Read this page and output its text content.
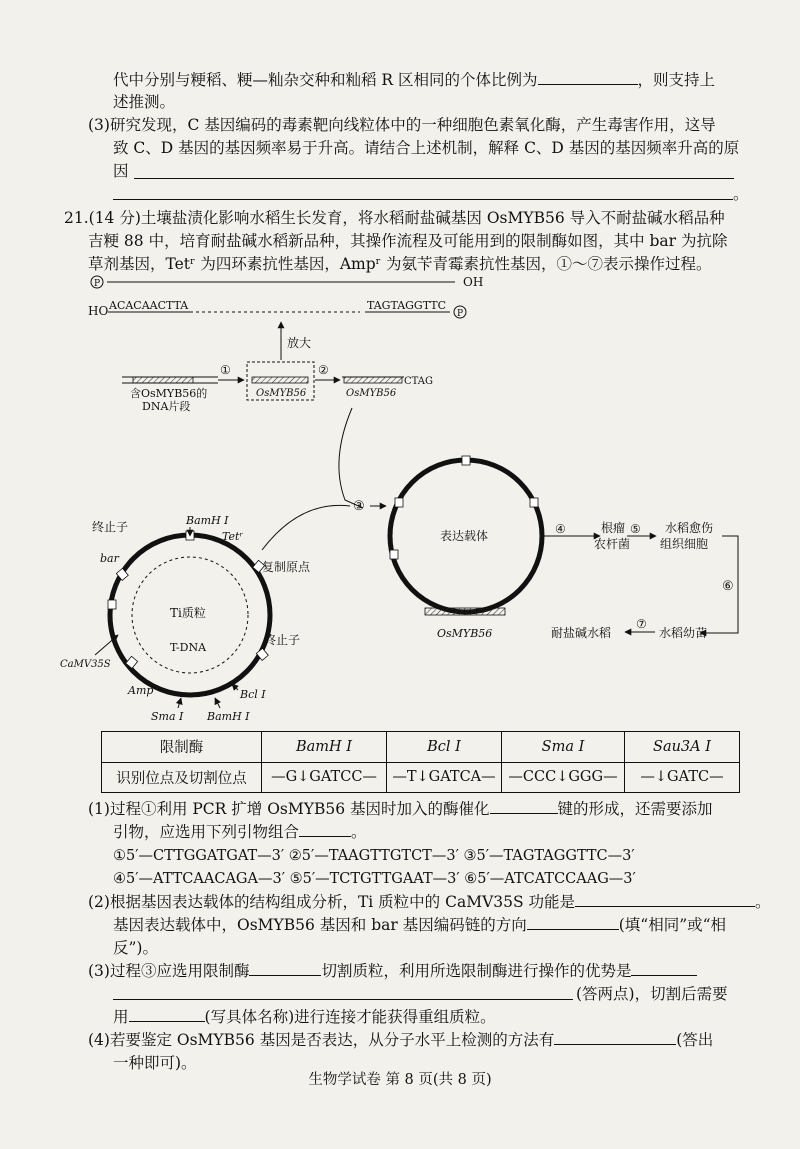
代中分别与粳稻、粳—籼杂交种和籼稻 R 区相同的个体比例为	，则支持上
述推测。
(3)研究发现，C 基因编码的毒素靶向线粒体中的一种细胞色素氧化酶，产生毒害作用，这导
致 C、D 基因的基因频率易于升高。请结合上述机制，解释 C、D 基因的基因频率升高的原
因
。
21.(14 分)土壤盐渍化影响水稻生长发育，将水稻耐盐碱基因 OsMYB56 导入不耐盐碱水稻品种
吉粳 88 中，培育耐盐碱水稻新品种，其操作流程及可能用到的限制酶如图，其中 bar 为抗除
草剂基因，Tetʳ 为四环素抗性基因，Ampʳ 为氨苄青霉素抗性基因，①～⑦表示操作过程。
HO ACACAACTTA
OH
P
TAGTAGGTTC
P
放大
含OsMYB56的
DNA片段
①
OsMYB56
②
CTAG
OsMYB56
③
BamH I
Tetʳ
终止子
bar
Ti质粒
T-DNA
复制原点
终止子
CaMV35S
Amp
Sma I BamH I
Bcl I
表达载体
OsMYB56
④	根瘤
农杆菌
⑤ 水稻愈伤
组织细胞
⑥
水稻幼苗
⑦
耐盐碱水稻
限制酶	BamH Ⅰ	Bcl Ⅰ	Sma Ⅰ	Sau3A Ⅰ
识别位点及切割位点	—G↓GATCC—	—T↓GATCA—	—CCC↓GGG—	—↓GATC—
(1)过程①利用 PCR 扩增 OsMYB56 基因时加入的酶催化	键的形成，还需要添加
引物，应选用下列引物组合	。
①5′—CTTGGATGAT—3′ ②5′—TAAGTTGTCT—3′ ③5′—TAGTAGGTTC—3′
④5′—ATTCAACAGA—3′ ⑤5′—TCTGTTGAAT—3′ ⑥5′—ATCATCCAAG—3′
(2)根据基因表达载体的结构组成分析，Ti 质粒中的 CaMV35S 功能是	。
基因表达载体中，OsMYB56 基因和 bar 基因编码链的方向	(填“相同”或“相
反”)。
(3)过程③应选用限制酶	切割质粒，利用所选限制酶进行操作的优势是
(答两点)，切割后需要
用	(写具体名称)进行连接才能获得重组质粒。
(4)若要鉴定 OsMYB56 基因是否表达，从分子水平上检测的方法有	(答出
一种即可)。
生物学试卷 第 8 页(共 8 页)
